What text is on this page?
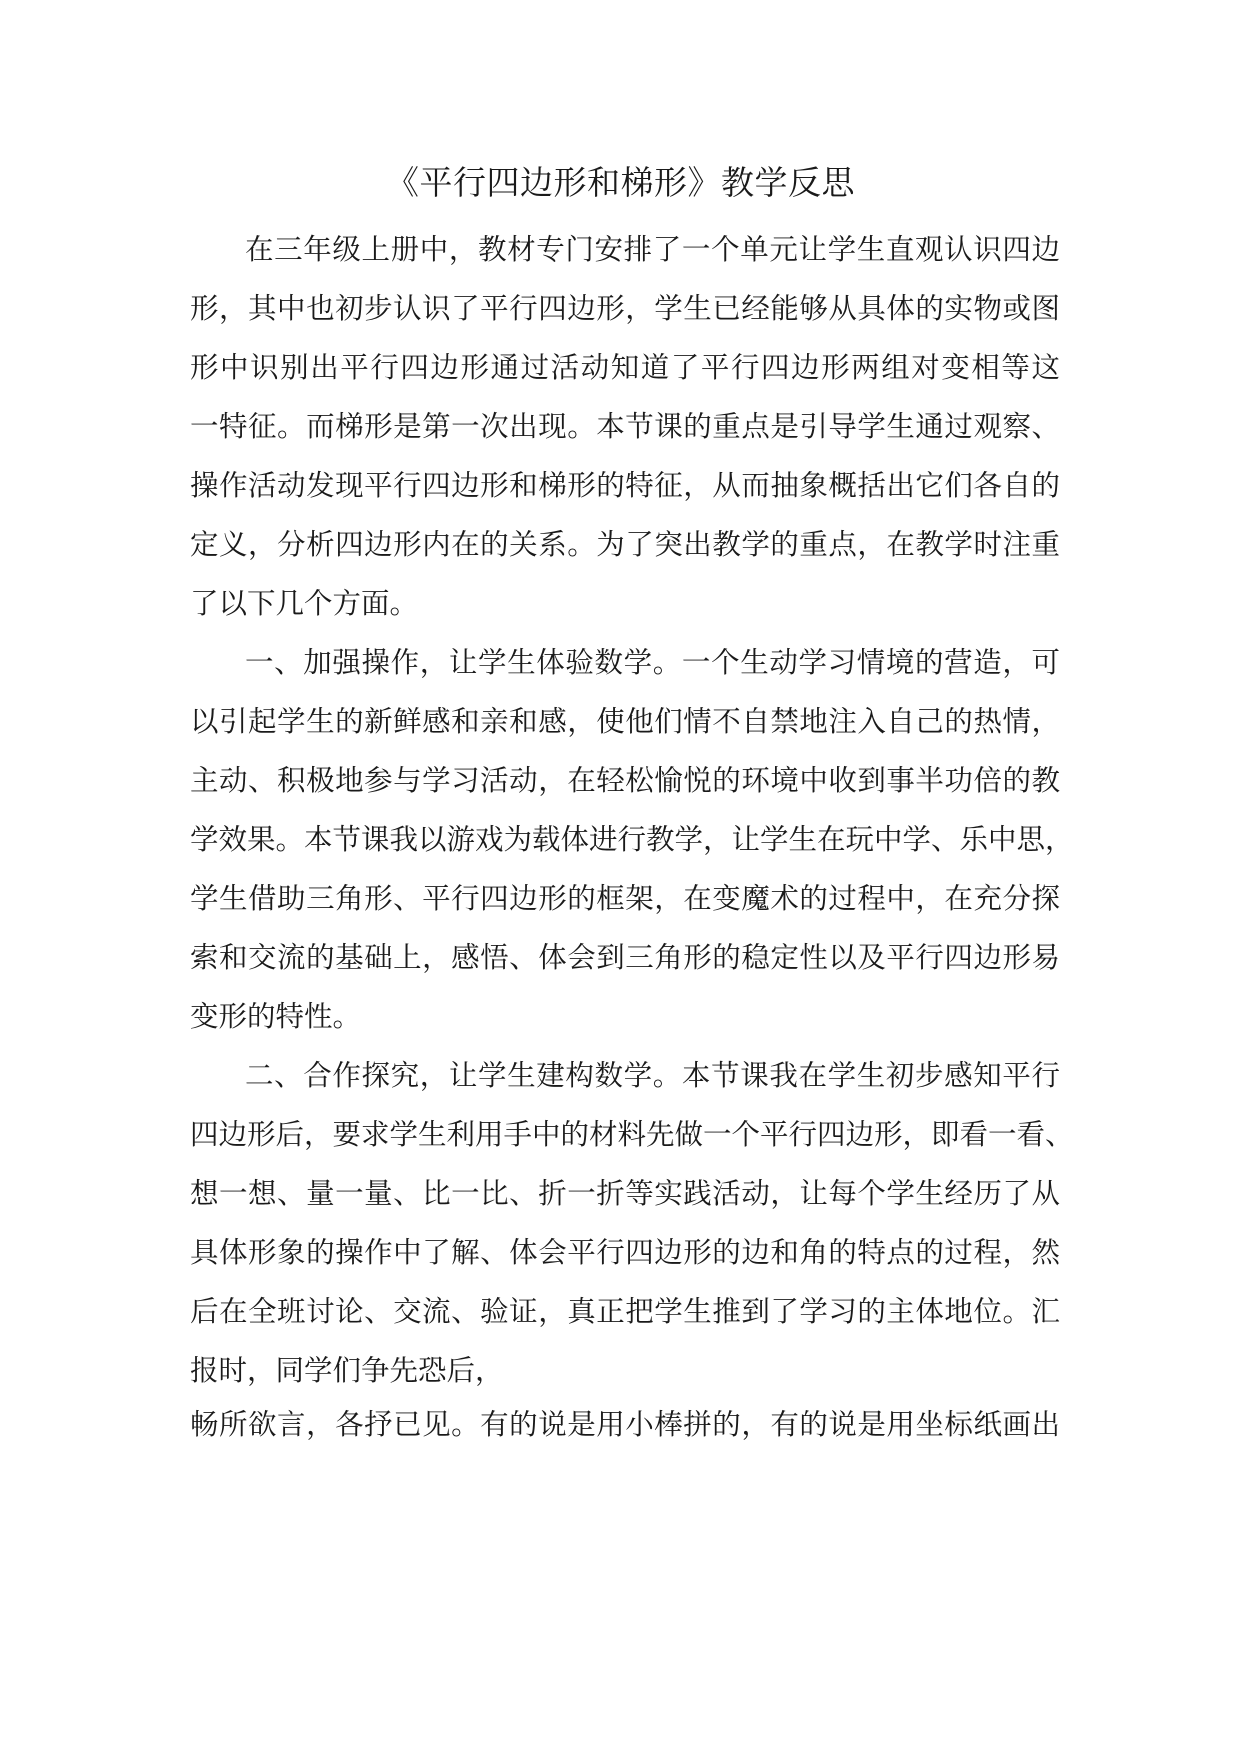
《平行四边形和梯形》教学反思
在三年级上册中，教材专门安排了一个单元让学生直观认识四边
形，其中也初步认识了平行四边形，学生已经能够从具体的实物或图
形中识别出平行四边形通过活动知道了平行四边形两组对变相等这
一特征。而梯形是第一次出现。本节课的重点是引导学生通过观察、
操作活动发现平行四边形和梯形的特征，从而抽象概括出它们各自的
定义，分析四边形内在的关系。为了突出教学的重点，在教学时注重
了以下几个方面。
一、加强操作，让学生体验数学。一个生动学习情境的营造，可
以引起学生的新鲜感和亲和感，使他们情不自禁地注入自己的热情，
主动、积极地参与学习活动，在轻松愉悦的环境中收到事半功倍的教
学效果。本节课我以游戏为载体进行教学，让学生在玩中学、乐中思，
学生借助三角形、平行四边形的框架，在变魔术的过程中，在充分探
索和交流的基础上，感悟、体会到三角形的稳定性以及平行四边形易
变形的特性。
二、合作探究，让学生建构数学。本节课我在学生初步感知平行
四边形后，要求学生利用手中的材料先做一个平行四边形，即看一看、
想一想、量一量、比一比、折一折等实践活动，让每个学生经历了从
具体形象的操作中了解、体会平行四边形的边和角的特点的过程，然
后在全班讨论、交流、验证，真正把学生推到了学习的主体地位。汇
报时，同学们争先恐后，
畅所欲言，各抒已见。有的说是用小棒拼的，有的说是用坐标纸画出
